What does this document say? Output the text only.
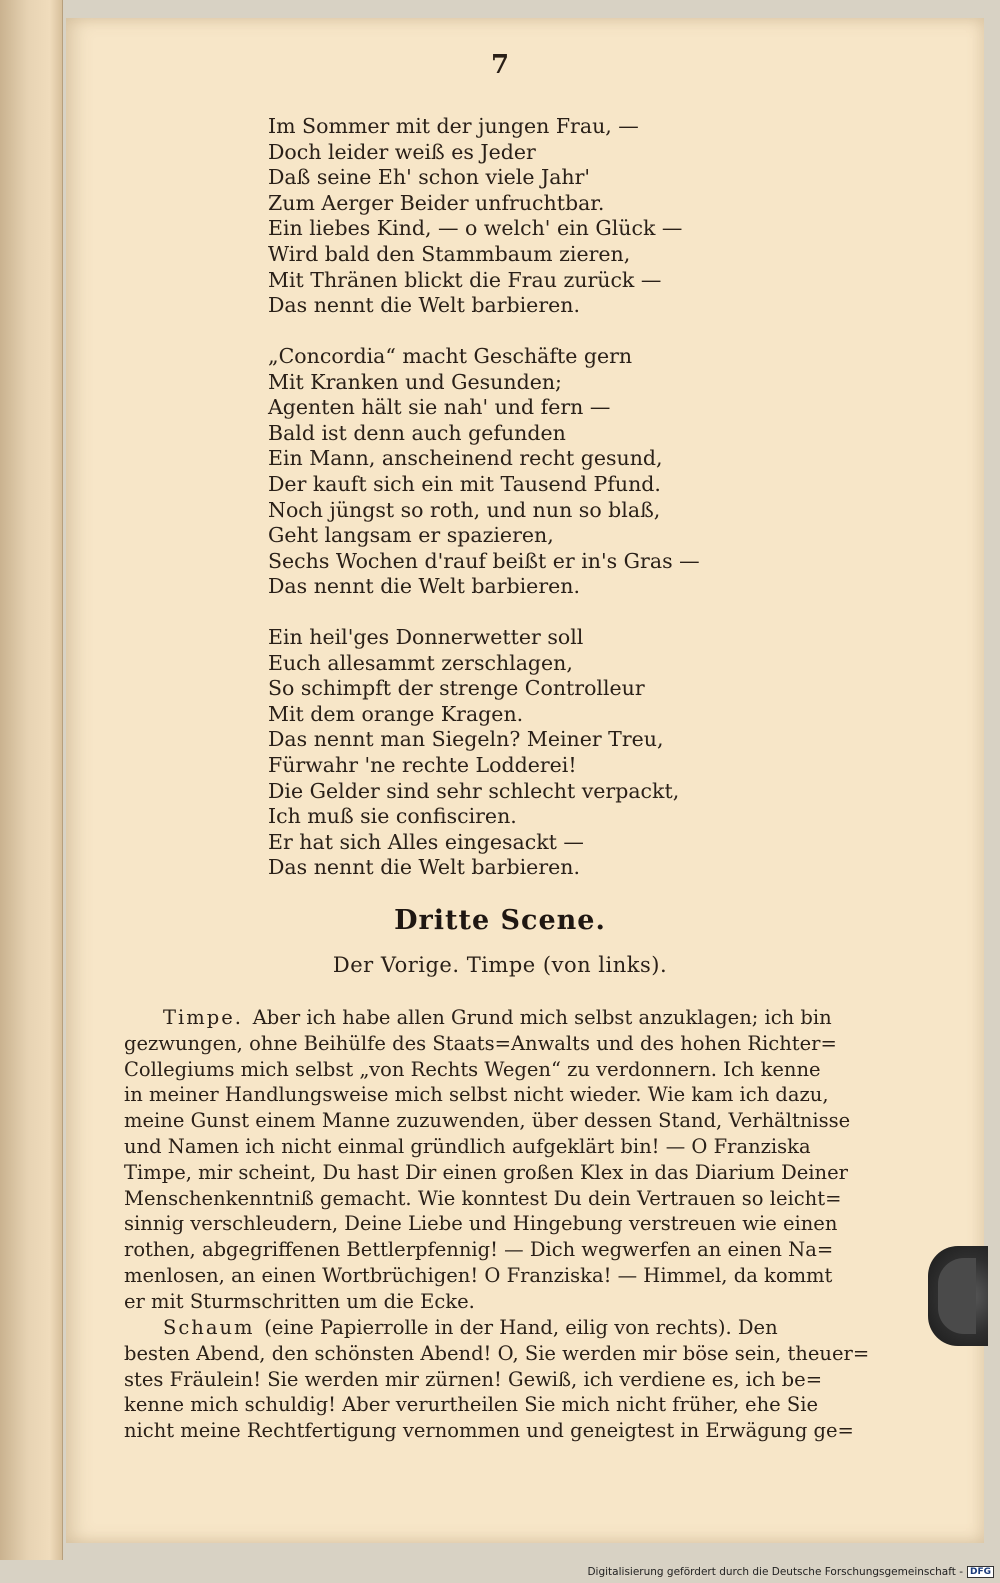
7
Im Sommer mit der jungen Frau, —
Doch leider weiß es Jeder
Daß seine Eh' schon viele Jahr'
Zum Aerger Beider unfruchtbar.
Ein liebes Kind, — o welch' ein Glück —
Wird bald den Stammbaum zieren,
Mit Thränen blickt die Frau zurück —
Das nennt die Welt barbieren.
„Concordia“ macht Geschäfte gern
Mit Kranken und Gesunden;
Agenten hält sie nah' und fern —
Bald ist denn auch gefunden
Ein Mann, anscheinend recht gesund,
Der kauft sich ein mit Tausend Pfund.
Noch jüngst so roth, und nun so blaß,
Geht langsam er spazieren,
Sechs Wochen d'rauf beißt er in's Gras —
Das nennt die Welt barbieren.
Ein heil'ges Donnerwetter soll
Euch allesammt zerschlagen,
So schimpft der strenge Controlleur
Mit dem orange Kragen.
Das nennt man Siegeln? Meiner Treu,
Fürwahr 'ne rechte Lodderei!
Die Gelder sind sehr schlecht verpackt,
Ich muß sie confisciren.
Er hat sich Alles eingesackt —
Das nennt die Welt barbieren.
Dritte Scene.
Der Vorige. Timpe (von links).
  Timpe.  Aber ich habe allen Grund mich selbst anzuklagen; ich bin
gezwungen, ohne Beihülfe des Staats=Anwalts und des hohen Richter=
Collegiums mich selbst „von Rechts Wegen“ zu verdonnern. Ich kenne
in meiner Handlungsweise mich selbst nicht wieder. Wie kam ich dazu,
meine Gunst einem Manne zuzuwenden, über dessen Stand, Verhältnisse
und Namen ich nicht einmal gründlich aufgeklärt bin! — O Franziska
Timpe, mir scheint, Du hast Dir einen großen Klex in das Diarium Deiner
Menschenkenntniß gemacht. Wie konntest Du dein Vertrauen so leicht=
sinnig verschleudern, Deine Liebe und Hingebung verstreuen wie einen
rothen, abgegriffenen Bettlerpfennig! — Dich wegwerfen an einen Na=
menlosen, an einen Wortbrüchigen! O Franziska! — Himmel, da kommt
er mit Sturmschritten um die Ecke.
  Schaum  (eine Papierrolle in der Hand, eilig von rechts). Den
besten Abend, den schönsten Abend! O, Sie werden mir böse sein, theuer=
stes Fräulein! Sie werden mir zürnen! Gewiß, ich verdiene es, ich be=
kenne mich schuldig! Aber verurtheilen Sie mich nicht früher, ehe Sie
nicht meine Rechtfertigung vernommen und geneigtest in Erwägung ge=
Digitalisierung gefördert durch die Deutsche Forschungsgemeinschaft - DFG
